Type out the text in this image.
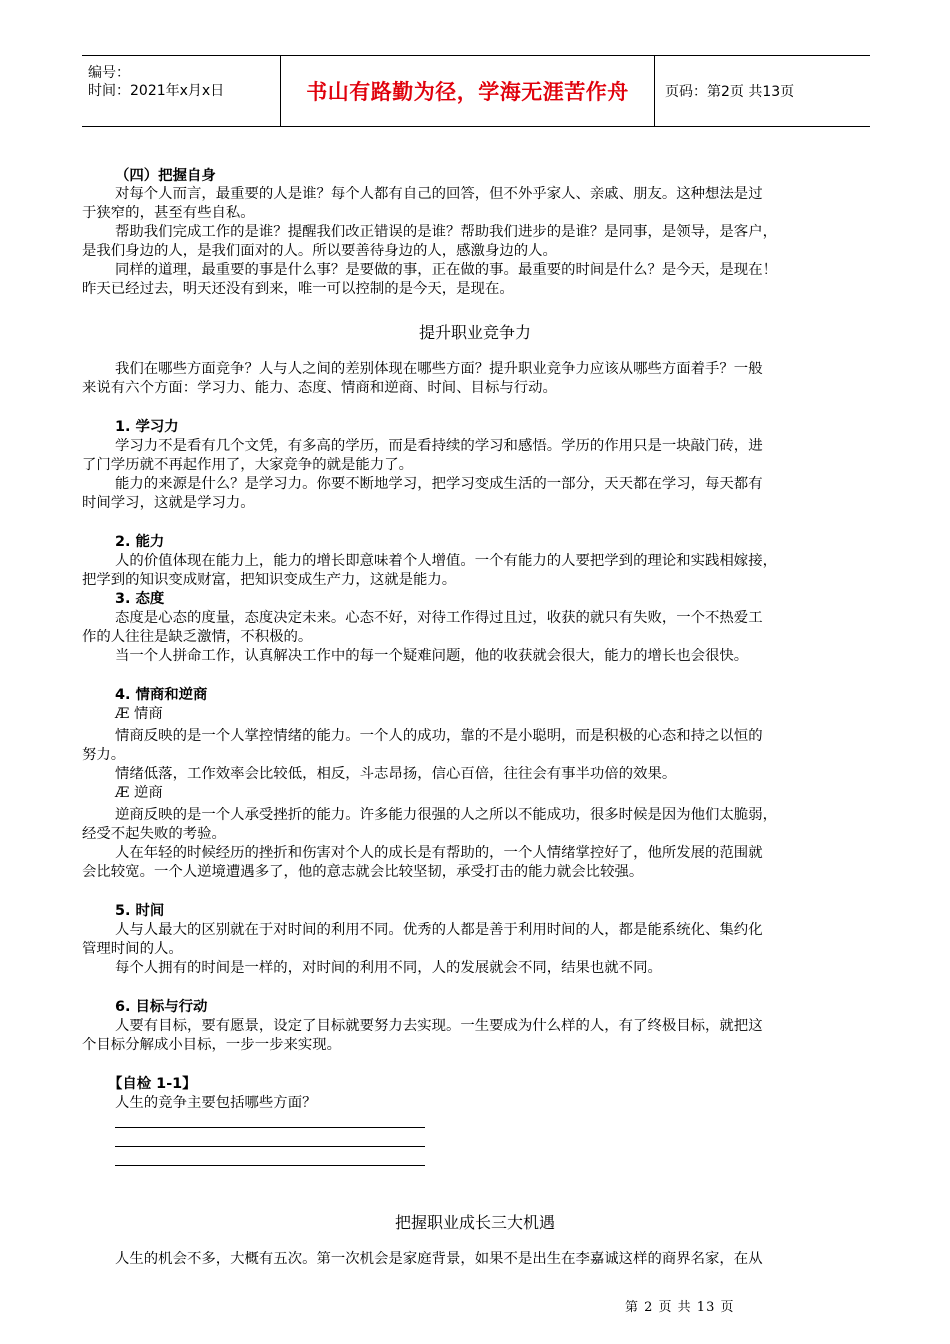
编号：
时间：2021年x月x日	书山有路勤为径，学海无涯苦作舟	页码：第2页 共13页
（四）把握自身
对每个人而言，最重要的人是谁？每个人都有自己的回答，但不外乎家人、亲戚、朋友。这种想法是过
于狭窄的，甚至有些自私。
帮助我们完成工作的是谁？提醒我们改正错误的是谁？帮助我们进步的是谁？是同事，是领导，是客户，
是我们身边的人，是我们面对的人。所以要善待身边的人，感激身边的人。
同样的道理，最重要的事是什么事？是要做的事，正在做的事。最重要的时间是什么？是今天，是现在！
昨天已经过去，明天还没有到来，唯一可以控制的是今天，是现在。
提升职业竞争力
我们在哪些方面竞争？人与人之间的差别体现在哪些方面？提升职业竞争力应该从哪些方面着手？一般
来说有六个方面：学习力、能力、态度、情商和逆商、时间、目标与行动。
1. 学习力
学习力不是看有几个文凭，有多高的学历，而是看持续的学习和感悟。学历的作用只是一块敲门砖，进
了门学历就不再起作用了，大家竞争的就是能力了。
能力的来源是什么？是学习力。你要不断地学习，把学习变成生活的一部分，天天都在学习，每天都有
时间学习，这就是学习力。
2. 能力
人的价值体现在能力上，能力的增长即意味着个人增值。一个有能力的人要把学到的理论和实践相嫁接，
把学到的知识变成财富，把知识变成生产力，这就是能力。
3. 态度
态度是心态的度量，态度决定未来。心态不好，对待工作得过且过，收获的就只有失败，一个不热爱工
作的人往往是缺乏激情，不积极的。
当一个人拼命工作，认真解决工作中的每一个疑难问题，他的收获就会很大，能力的增长也会很快。
4. 情商和逆商
Æ 情商
情商反映的是一个人掌控情绪的能力。一个人的成功，靠的不是小聪明，而是积极的心态和持之以恒的
努力。
情绪低落，工作效率会比较低，相反，斗志昂扬，信心百倍，往往会有事半功倍的效果。
Æ 逆商
逆商反映的是一个人承受挫折的能力。许多能力很强的人之所以不能成功，很多时候是因为他们太脆弱，
经受不起失败的考验。
人在年轻的时候经历的挫折和伤害对个人的成长是有帮助的，一个人情绪掌控好了，他所发展的范围就
会比较宽。一个人逆境遭遇多了，他的意志就会比较坚韧，承受打击的能力就会比较强。
5. 时间
人与人最大的区别就在于对时间的利用不同。优秀的人都是善于利用时间的人，都是能系统化、集约化
管理时间的人。
每个人拥有的时间是一样的，对时间的利用不同，人的发展就会不同，结果也就不同。
6. 目标与行动
人要有目标，要有愿景，设定了目标就要努力去实现。一生要成为什么样的人，有了终极目标，就把这
个目标分解成小目标，一步一步来实现。
【自检 1-1】
人生的竞争主要包括哪些方面？
把握职业成长三大机遇
人生的机会不多，大概有五次。第一次机会是家庭背景，如果不是出生在李嘉诚这样的商界名家，在从
第 2 页 共 13 页
